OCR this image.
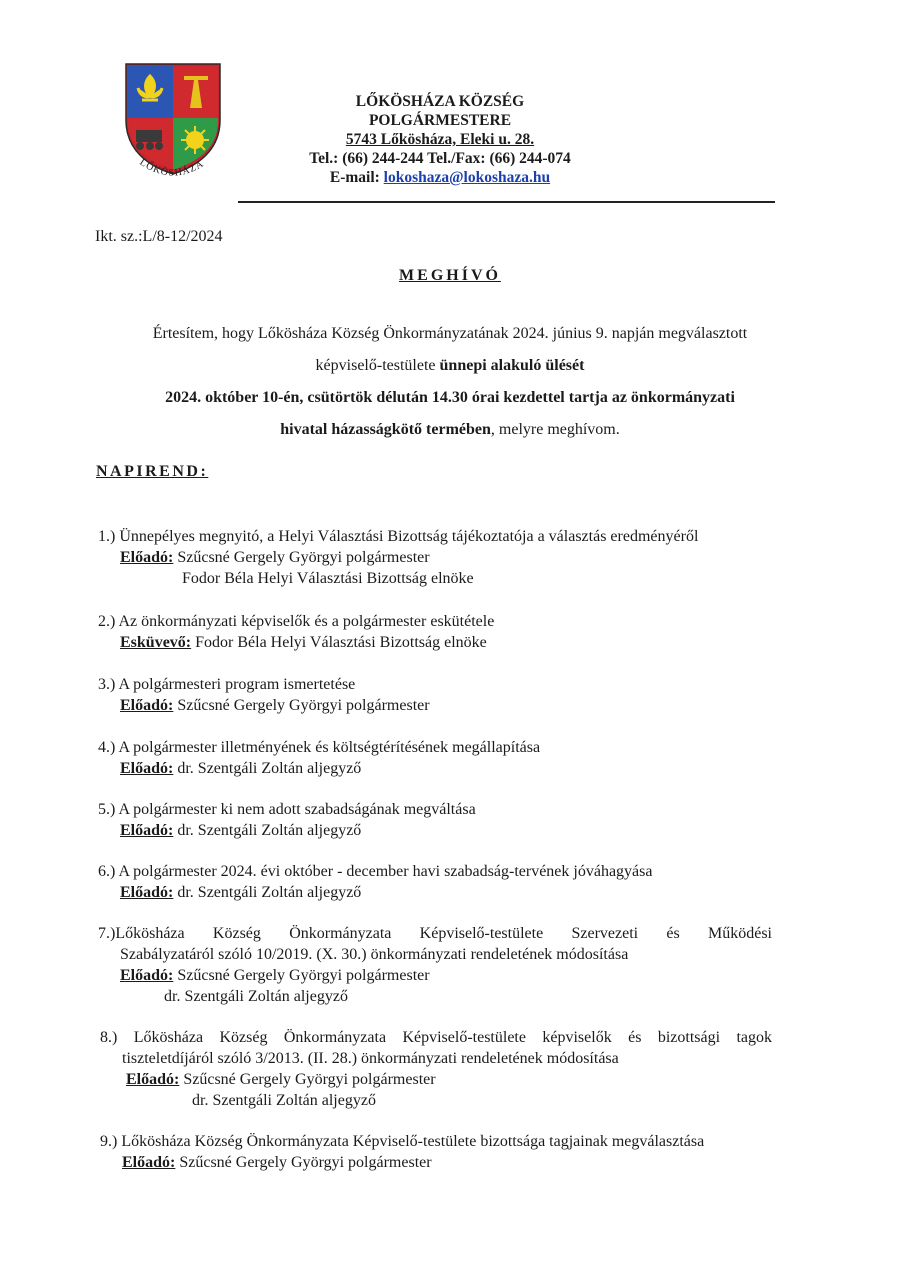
LŐKÖSHÁZA
LŐKÖSHÁZA KÖZSÉG
POLGÁRMESTERE
5743 Lőkösháza, Eleki u. 28.
Tel.: (66) 244-244 Tel./Fax: (66) 244-074
E-mail: lokoshaza@lokoshaza.hu
Ikt. sz.:L/8-12/2024
MEGHÍVÓ
Értesítem, hogy Lőkösháza Község Önkormányzatának 2024. június 9. napján megválasztott
képviselő-testülete ünnepi alakuló ülését
2024. október 10-én, csütörtök délután 14.30 órai kezdettel tartja az önkormányzati
hivatal házasságkötő termében, melyre meghívom.
NAPIREND:
1.) Ünnepélyes megnyitó, a Helyi Választási Bizottság tájékoztatója a választás eredményéről
Előadó: Szűcsné Gergely Györgyi polgármester
Fodor Béla Helyi Választási Bizottság elnöke
2.) Az önkormányzati képviselők és a polgármester eskütétele
Esküvevő: Fodor Béla Helyi Választási Bizottság elnöke
3.) A polgármesteri program ismertetése
Előadó: Szűcsné Gergely Györgyi polgármester
4.) A polgármester illetményének és költségtérítésének megállapítása
Előadó: dr. Szentgáli Zoltán aljegyző
5.) A polgármester ki nem adott szabadságának megváltása
Előadó: dr. Szentgáli Zoltán aljegyző
6.) A polgármester 2024. évi október - december havi szabadság-tervének jóváhagyása
Előadó: dr. Szentgáli Zoltán aljegyző
7.)Lőkösháza Község Önkormányzata Képviselő-testülete Szervezeti és Működési
Szabályzatáról szóló 10/2019. (X. 30.) önkormányzati rendeletének módosítása
Előadó: Szűcsné Gergely Györgyi polgármester
dr. Szentgáli Zoltán aljegyző
8.) Lőkösháza Község Önkormányzata Képviselő-testülete képviselők és bizottsági tagok
tiszteletdíjáról szóló 3/2013. (II. 28.) önkormányzati rendeletének módosítása
Előadó: Szűcsné Gergely Györgyi polgármester
dr. Szentgáli Zoltán aljegyző
9.) Lőkösháza Község Önkormányzata Képviselő-testülete bizottsága tagjainak megválasztása
Előadó: Szűcsné Gergely Györgyi polgármester
